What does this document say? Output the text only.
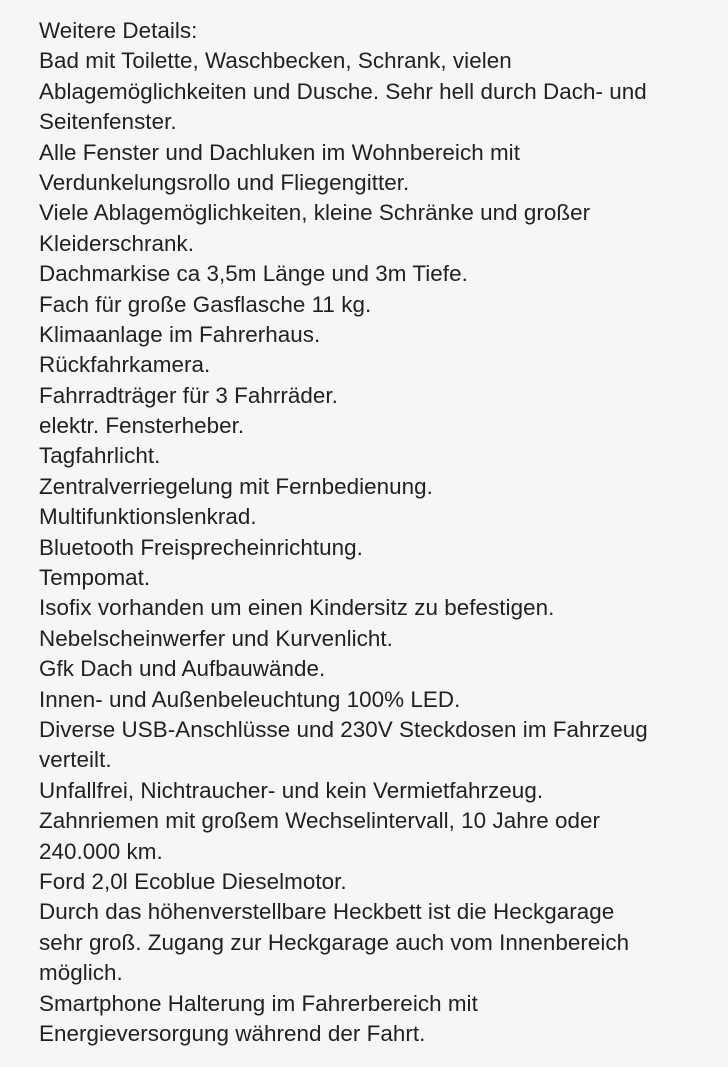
Weitere Details:
Bad mit Toilette, Waschbecken, Schrank, vielen
Ablagemöglichkeiten und Dusche. Sehr hell durch Dach- und
Seitenfenster.
Alle Fenster und Dachluken im Wohnbereich mit
Verdunkelungsrollo und Fliegengitter.
Viele Ablagemöglichkeiten, kleine Schränke und großer
Kleiderschrank.
Dachmarkise ca 3,5m Länge und 3m Tiefe.
Fach für große Gasflasche 11 kg.
Klimaanlage im Fahrerhaus.
Rückfahrkamera.
Fahrradträger für 3 Fahrräder.
elektr. Fensterheber.
Tagfahrlicht.
Zentralverriegelung mit Fernbedienung.
Multifunktionslenkrad.
Bluetooth Freisprecheinrichtung.
Tempomat.
Isofix vorhanden um einen Kindersitz zu befestigen.
Nebelscheinwerfer und Kurvenlicht.
Gfk Dach und Aufbauwände.
Innen- und Außenbeleuchtung 100% LED.
Diverse USB-Anschlüsse und 230V Steckdosen im Fahrzeug
verteilt.
Unfallfrei, Nichtraucher- und kein Vermietfahrzeug.
Zahnriemen mit großem Wechselintervall, 10 Jahre oder
240.000 km.
Ford 2,0l Ecoblue Dieselmotor.
Durch das höhenverstellbare Heckbett ist die Heckgarage
sehr groß. Zugang zur Heckgarage auch vom Innenbereich
möglich.
Smartphone Halterung im Fahrerbereich mit
Energieversorgung während der Fahrt.
